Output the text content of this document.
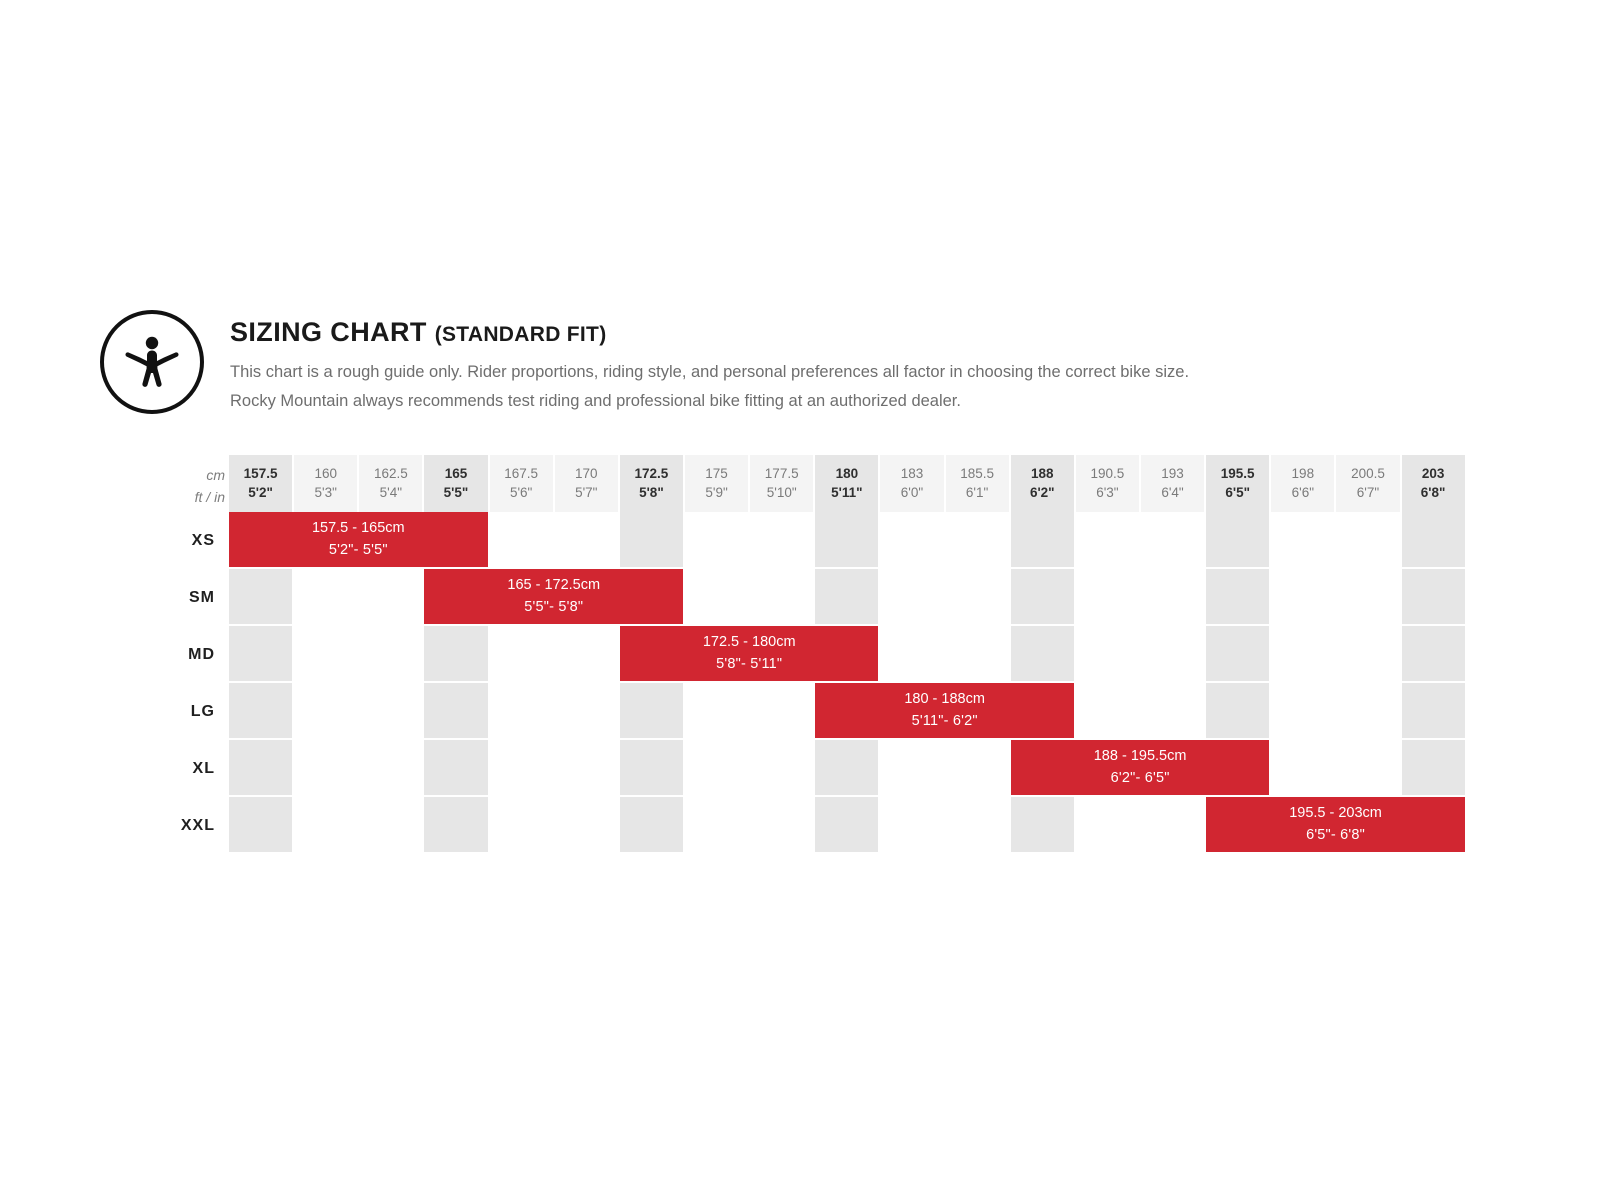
SIZING CHART (STANDARD FIT)
This chart is a rough guide only. Rider proportions, riding style, and personal preferences all factor in choosing the correct bike size.
Rocky Mountain always recommends test riding and professional bike fitting at an authorized dealer.
cm
ft / in
157.5
5'2"
160
5'3"
162.5
5'4"
165
5'5"
167.5
5'6"
170
5'7"
172.5
5'8"
175
5'9"
177.5
5'10"
180
5'11"
183
6'0"
185.5
6'1"
188
6'2"
190.5
6'3"
193
6'4"
195.5
6'5"
198
6'6"
200.5
6'7"
203
6'8"
XS
157.5 - 165cm
5'2"- 5'5"
SM
165 - 172.5cm
5'5"- 5'8"
MD
172.5 - 180cm
5'8"- 5'11"
LG
180 - 188cm
5'11"- 6'2"
XL
188 - 195.5cm
6'2"- 6'5"
XXL
195.5 - 203cm
6'5"- 6'8"
